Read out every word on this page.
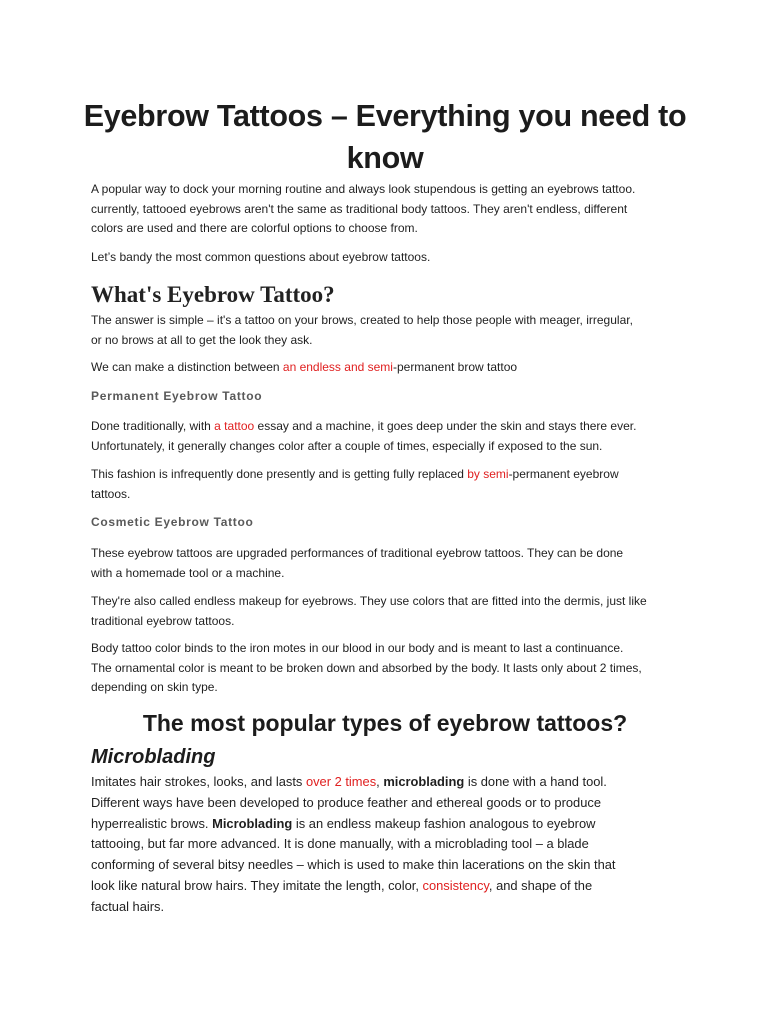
Eyebrow Tattoos – Everything you need to know
A popular way to dock your morning routine and always look stupendous is getting an eyebrows tattoo.
currently, tattooed eyebrows aren't the same as traditional body tattoos. They aren't endless, different
colors are used and there are colorful options to choose from.

Let’s bandy the most common questions about eyebrow tattoos.

What's Eyebrow Tattoo?
The answer is simple – it's a tattoo on your brows, created to help those people with meager, irregular,
or no brows at all to get the look they ask.

We can make a distinction between an endless and semi-permanent brow tattoo

Permanent Eyebrow Tattoo
Done traditionally, with a tattoo essay and a machine, it goes deep under the skin and stays there ever.
Unfortunately, it generally changes color after a couple of times, especially if exposed to the sun.
This fashion is infrequently done presently and is getting fully replaced by semi-permanent eyebrow
tattoos.
Cosmetic Eyebrow Tattoo
These eyebrow tattoos are upgraded performances of traditional eyebrow tattoos. They can be done
with a homemade tool or a machine.
They're also called endless makeup for eyebrows. They use colors that are fitted into the dermis, just like
traditional eyebrow tattoos.
Body tattoo color binds to the iron motes in our blood in our body and is meant to last a continuance.
The ornamental color is meant to be broken down and absorbed by the body. It lasts only about 2 times,
depending on skin type.
The most popular types of eyebrow tattoos?
Microblading
Imitates hair strokes, looks, and lasts over 2 times, microblading is done with a hand tool.
Different ways have been developed to produce feather and ethereal goods or to produce
hyperrealistic brows. Microblading is an endless makeup fashion analogous to eyebrow
tattooing, but far more advanced. It is done manually, with a microblading tool – a blade
conforming of several bitsy needles – which is used to make thin lacerations on the skin that
look like natural brow hairs. They imitate the length, color, consistency, and shape of the
factual hairs.
